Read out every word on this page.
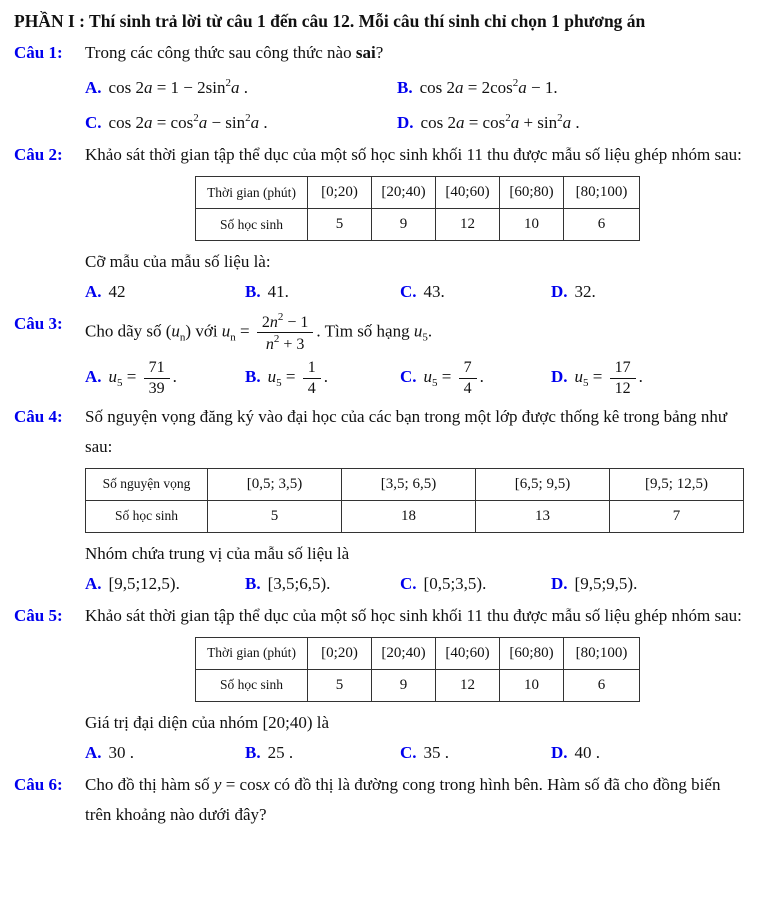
PHẦN I : Thí sinh trả lời từ câu 1 đến câu 12. Mỗi câu thí sinh chỉ chọn 1 phương án
Câu 1:	Trong các công thức sau công thức nào sai?
A. $\cos 2a = 1 - 2\sin^2a$ .	B. $\cos 2a = 2\cos^2a - 1$.
C. $\cos 2a = \cos^2a - \sin^2a$ .	D. $\cos 2a = \cos^2a + \sin^2a$ .
Câu 2:	Khảo sát thời gian tập thể dục của một số học sinh khối 11 thu được mẫu số liệu ghép nhóm sau:
Thời gian (phút)	[0;20)	[20;40)	[40;60)	[60;80)	[80;100)
Số học sinh	5	9	12	10	6
Cỡ mẫu của mẫu số liệu là:
A. 42	B. 41.	C. 43.	D. 32.
Câu 3:	Cho dãy số $(u_n)$ với $u_n = \frac{2n^2 - 1}{n^2 + 3}$ . Tìm số hạng $u_5$.
A. $u_5 = \frac{71}{39}$ .	B. $u_5 = \frac{1}{4}$ .	C. $u_5 = \frac{7}{4}$ .	D. $u_5 = \frac{17}{12}$ .
Câu 4:	Số nguyện vọng đăng ký vào đại học của các bạn trong một lớp được thống kê trong bảng như sau:
Số nguyện vọng	[0,5; 3,5)	[3,5; 6,5)	[6,5; 9,5)	[9,5; 12,5)
Số học sinh	5	18	13	7
Nhóm chứa trung vị của mẫu số liệu là
A. [9,5;12,5).	B. [3,5;6,5).	C. [0,5;3,5).	D. [9,5;9,5).
Câu 5:	Khảo sát thời gian tập thể dục của một số học sinh khối 11 thu được mẫu số liệu ghép nhóm sau:
Thời gian (phút)	[0;20)	[20;40)	[40;60)	[60;80)	[80;100)
Số học sinh	5	9	12	10	6
Giá trị đại diện của nhóm [20;40) là
A. 30 .	B. 25 .	C. 35 .	D. 40 .
Câu 6:	Cho đồ thị hàm số y = cosx có đồ thị là đường cong trong hình bên. Hàm số đã cho đồng biến trên khoảng nào dưới đây?
